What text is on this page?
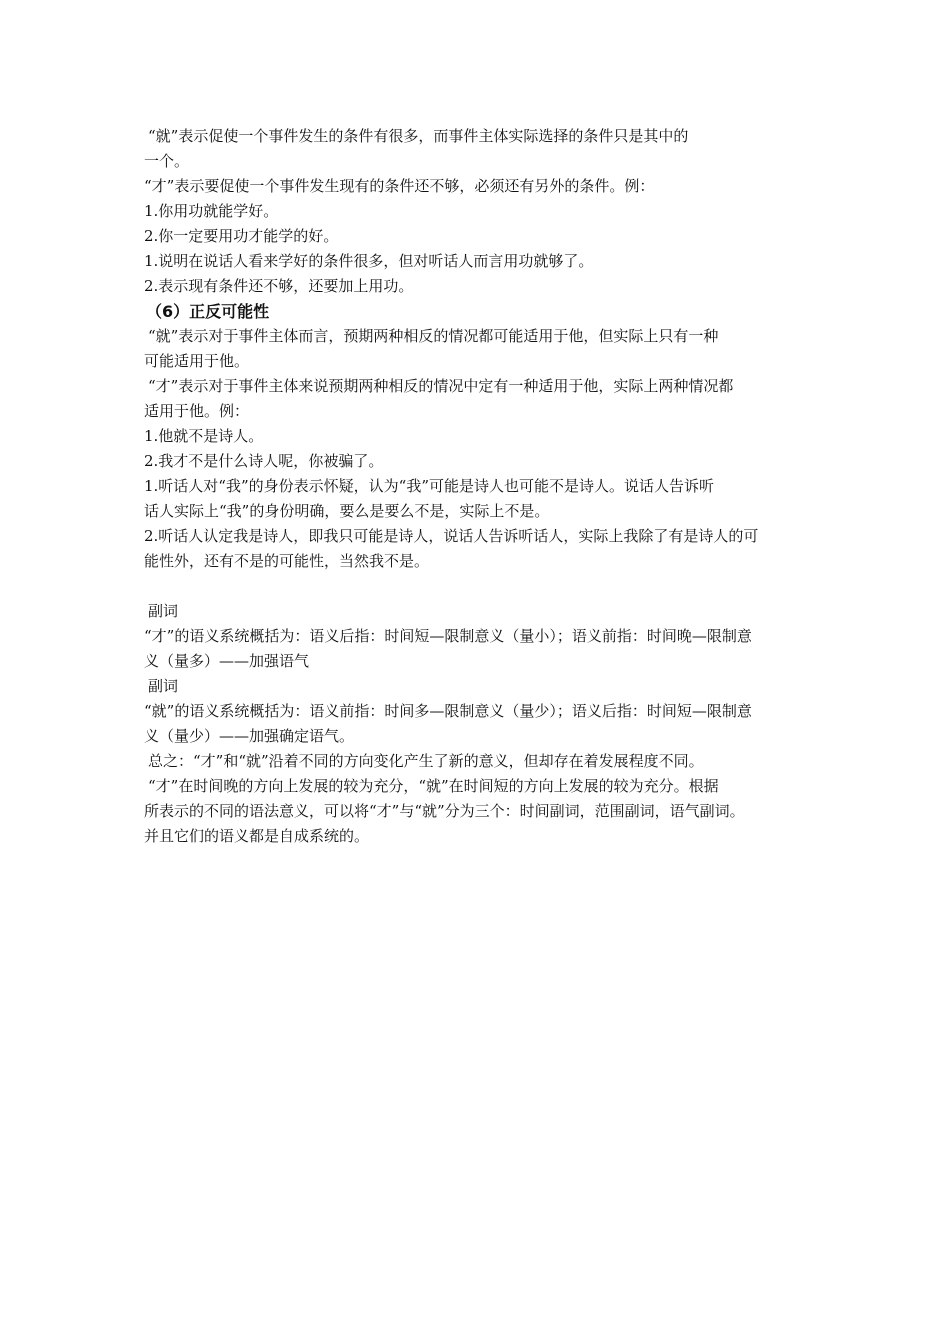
“就”表示促使一个事件发生的条件有很多，而事件主体实际选择的条件只是其中的
一个。
“才”表示要促使一个事件发生现有的条件还不够，必须还有另外的条件。例：
1.你用功就能学好。
2.你一定要用功才能学的好。
1.说明在说话人看来学好的条件很多，但对听话人而言用功就够了。
2.表示现有条件还不够，还要加上用功。
（6）正反可能性
“就”表示对于事件主体而言，预期两种相反的情况都可能适用于他，但实际上只有一种
可能适用于他。
“才”表示对于事件主体来说预期两种相反的情况中定有一种适用于他，实际上两种情况都
适用于他。例：
1.他就不是诗人。
2.我才不是什么诗人呢，你被骗了。
1.听话人对“我”的身份表示怀疑，认为“我”可能是诗人也可能不是诗人。说话人告诉听
话人实际上“我”的身份明确，要么是要么不是，实际上不是。
2.听话人认定我是诗人，即我只可能是诗人，说话人告诉听话人，实际上我除了有是诗人的可
能性外，还有不是的可能性，当然我不是。
副词
“才”的语义系统概括为：语义后指：时间短—限制意义（量小）；语义前指：时间晚—限制意
义（量多）——加强语气
副词
“就”的语义系统概括为：语义前指：时间多—限制意义（量少）；语义后指：时间短—限制意
义（量少）——加强确定语气。
总之：“才”和“就”沿着不同的方向变化产生了新的意义，但却存在着发展程度不同。
“才”在时间晚的方向上发展的较为充分，“就”在时间短的方向上发展的较为充分。根据
所表示的不同的语法意义，可以将“才”与“就”分为三个：时间副词，范围副词，语气副词。
并且它们的语义都是自成系统的。
